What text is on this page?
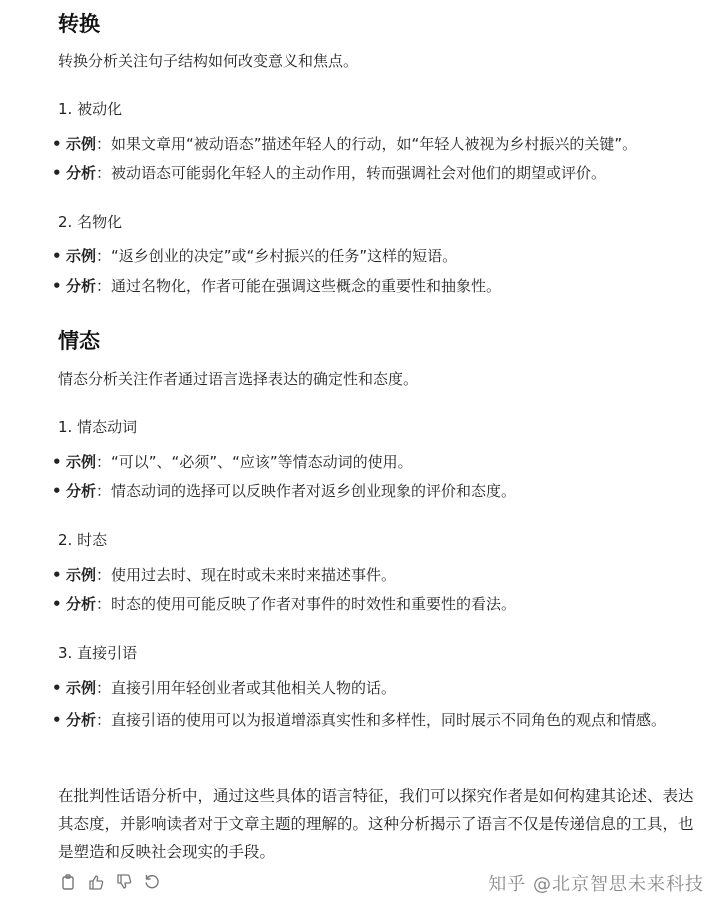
转换
转换分析关注句子结构如何改变意义和焦点。
1. 被动化
• 示例 ：如果文章用“被动语态”描述年轻人的行动，如“年轻人被视为乡村振兴的关键”。
• 分析 ：被动语态可能弱化年轻人的主动作用，转而强调社会对他们的期望或评价。
2. 名物化
• 示例 ：“返乡创业的决定”或“乡村振兴的任务”这样的短语。
• 分析 ：通过名物化，作者可能在强调这些概念的重要性和抽象性。
情态
情态分析关注作者通过语言选择表达的确定性和态度。
1. 情态动词
• 示例 ：“可以”、“必须”、“应该”等情态动词的使用。
• 分析 ：情态动词的选择可以反映作者对返乡创业现象的评价和态度。
2. 时态
• 示例 ：使用过去时、现在时或未来时来描述事件。
• 分析 ：时态的使用可能反映了作者对事件的时效性和重要性的看法。
3. 直接引语
• 示例 ：直接引用年轻创业者或其他相关人物的话。
• 分析：直接引语的使用可以为报道增添真实性和多样性，同时展示不同角色的观点和情感。
在批判性话语分析中，通过这些具体的语言特征，我们可以探究作者是如何构建其论述、表达其态度，并影响读者对于文章主题的理解的。这种分析揭示了语言不仅是传递信息的工具，也是塑造和反映社会现实的手段。
知乎 @北京智思未来科技
